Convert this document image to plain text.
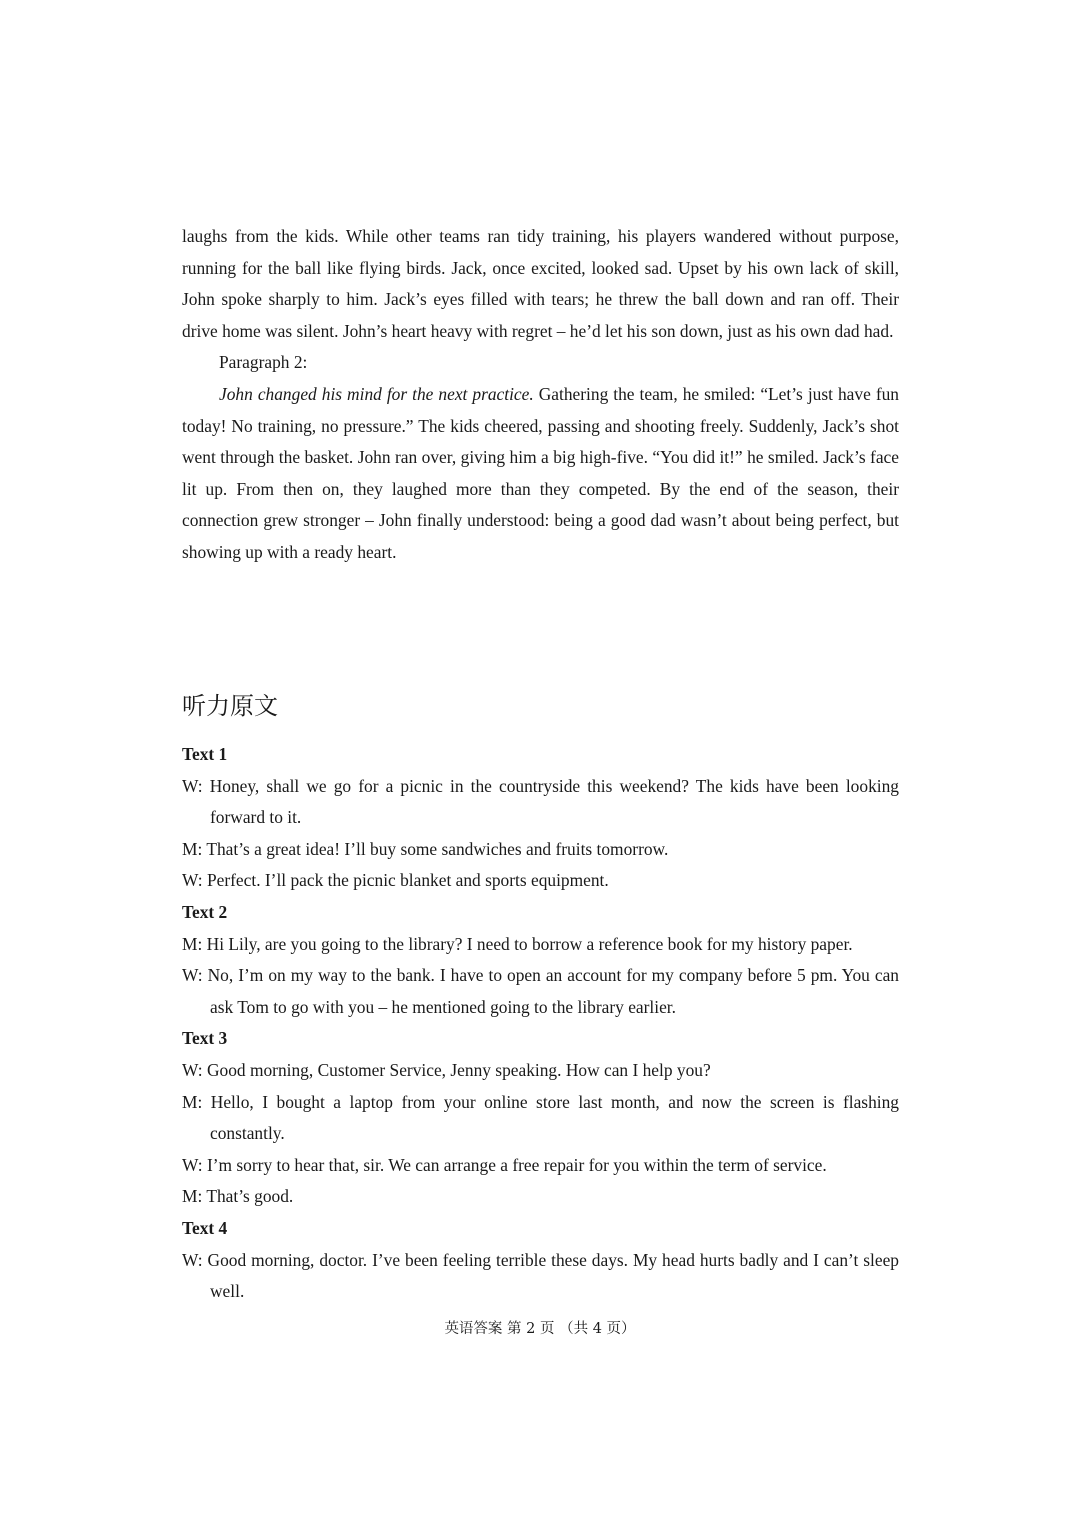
laughs from the kids. While other teams ran tidy training, his players wandered without purpose, running for the ball like flying birds. Jack, once excited, looked sad. Upset by his own lack of skill, John spoke sharply to him. Jack’s eyes filled with tears; he threw the ball down and ran off. Their drive home was silent. John’s heart heavy with regret – he’d let his son down, just as his own dad had.

Paragraph 2:

John changed his mind for the next practice. Gathering the team, he smiled: “Let’s just have fun today! No training, no pressure.” The kids cheered, passing and shooting freely. Suddenly, Jack’s shot went through the basket. John ran over, giving him a big high-five. “You did it!” he smiled. Jack’s face lit up. From then on, they laughed more than they competed. By the end of the season, their connection grew stronger – John finally understood: being a good dad wasn’t about being perfect, but showing up with a ready heart.

听力原文

Text 1

W: Honey, shall we go for a picnic in the countryside this weekend? The kids have been looking forward to it.

M: That’s a great idea! I’ll buy some sandwiches and fruits tomorrow.

W: Perfect. I’ll pack the picnic blanket and sports equipment.

Text 2

M: Hi Lily, are you going to the library? I need to borrow a reference book for my history paper.

W: No, I’m on my way to the bank. I have to open an account for my company before 5 pm. You can ask Tom to go with you – he mentioned going to the library earlier.

Text 3

W: Good morning, Customer Service, Jenny speaking. How can I help you?

M: Hello, I bought a laptop from your online store last month, and now the screen is flashing constantly.

W: I’m sorry to hear that, sir. We can arrange a free repair for you within the term of service.

M: That’s good.

Text 4

W: Good morning, doctor. I’ve been feeling terrible these days. My head hurts badly and I can’t sleep well.

英语答案 第 2 页 （共 4 页）
